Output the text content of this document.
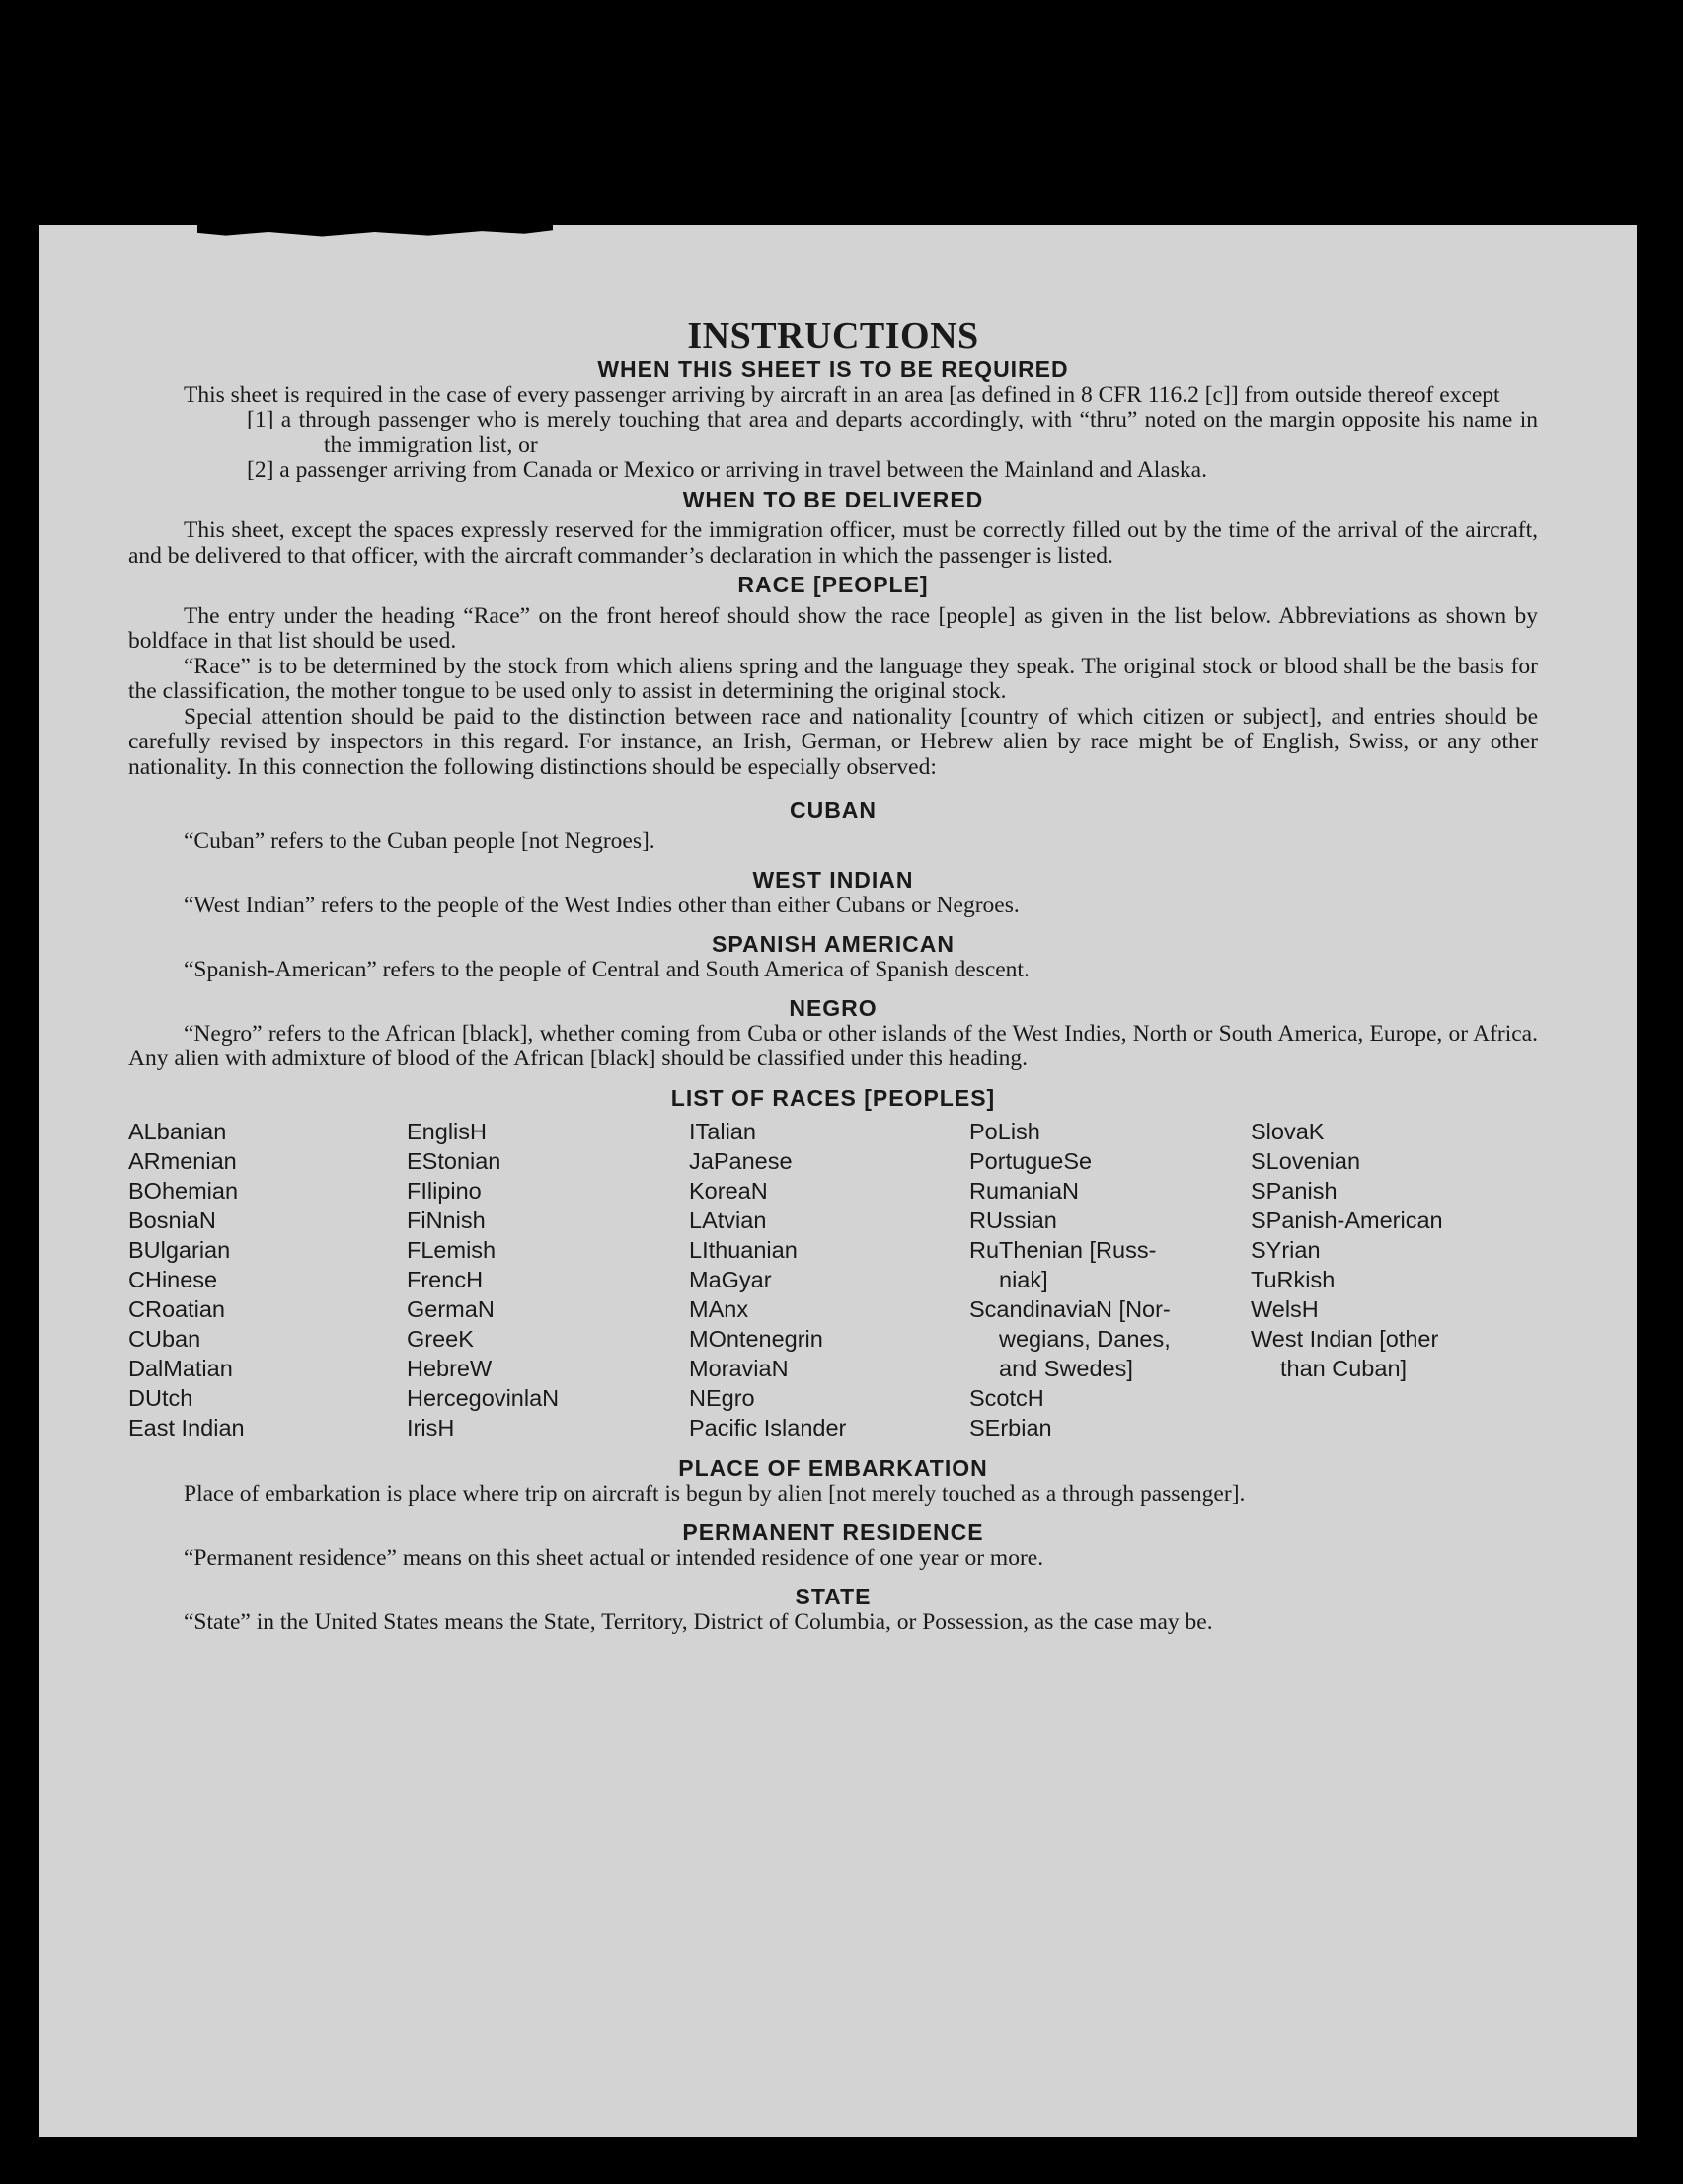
INSTRUCTIONS
WHEN THIS SHEET IS TO BE REQUIRED

This sheet is required in the case of every passenger arriving by aircraft in an area [as defined in 8 CFR 116.2 [c]] from outside thereof except

[1] a through passenger who is merely touching that area and departs accordingly, with “thru” noted on the margin opposite his name in the immigration list, or

[2] a passenger arriving from Canada or Mexico or arriving in travel between the Mainland and Alaska.

WHEN TO BE DELIVERED

This sheet, except the spaces expressly reserved for the immigration officer, must be correctly filled out by the time of the arrival of the aircraft, and be delivered to that officer, with the aircraft commander’s declaration in which the passenger is listed.

RACE [PEOPLE]

The entry under the heading “Race” on the front hereof should show the race [people] as given in the list below. Abbreviations as shown by boldface in that list should be used.

“Race” is to be determined by the stock from which aliens spring and the language they speak. The original stock or blood shall be the basis for the classification, the mother tongue to be used only to assist in determining the original stock.

Special attention should be paid to the distinction between race and nationality [country of which citizen or subject], and entries should be carefully revised by inspectors in this regard. For instance, an Irish, German, or Hebrew alien by race might be of English, Swiss, or any other nationality. In this connection the following distinctions should be especially observed:

CUBAN

“Cuban” refers to the Cuban people [not Negroes].

WEST INDIAN

“West Indian” refers to the people of the West Indies other than either Cubans or Negroes.

SPANISH AMERICAN

“Spanish-American” refers to the people of Central and South America of Spanish descent.

NEGRO

“Negro” refers to the African [black], whether coming from Cuba or other islands of the West Indies, North or South America, Europe, or Africa. Any alien with admixture of blood of the African [black] should be classified under this heading.

LIST OF RACES [PEOPLES]
ALbanian
ARmenian
BOhemian
BosniaN
BUlgarian
CHinese
CRoatian
CUban
DalMatian
DUtch
East Indian
EnglisH
EStonian
FIlipino
FiNnish
FLemish
FrencH
GermaN
GreeK
HebreW
HercegovinlaN
IrisH
ITalian
JaPanese
KoreaN
LAtvian
LIthuanian
MaGyar
MAnx
MOntenegrin
MoraviaN
NEgro
Pacific Islander
PoLish
PortugueSe
RumaniaN
RUssian
RuThenian [Russ-
niak]
ScandinaviaN [Nor-
wegians, Danes,
and Swedes]
ScotcH
SErbian
SlovaK
SLovenian
SPanish
SPanish-American
SYrian
TuRkish
WelsH
West Indian [other
than Cuban]
PLACE OF EMBARKATION

Place of embarkation is place where trip on aircraft is begun by alien [not merely touched as a through passenger].

PERMANENT RESIDENCE

“Permanent residence” means on this sheet actual or intended residence of one year or more.

STATE

“State” in the United States means the State, Territory, District of Columbia, or Possession, as the case may be.
